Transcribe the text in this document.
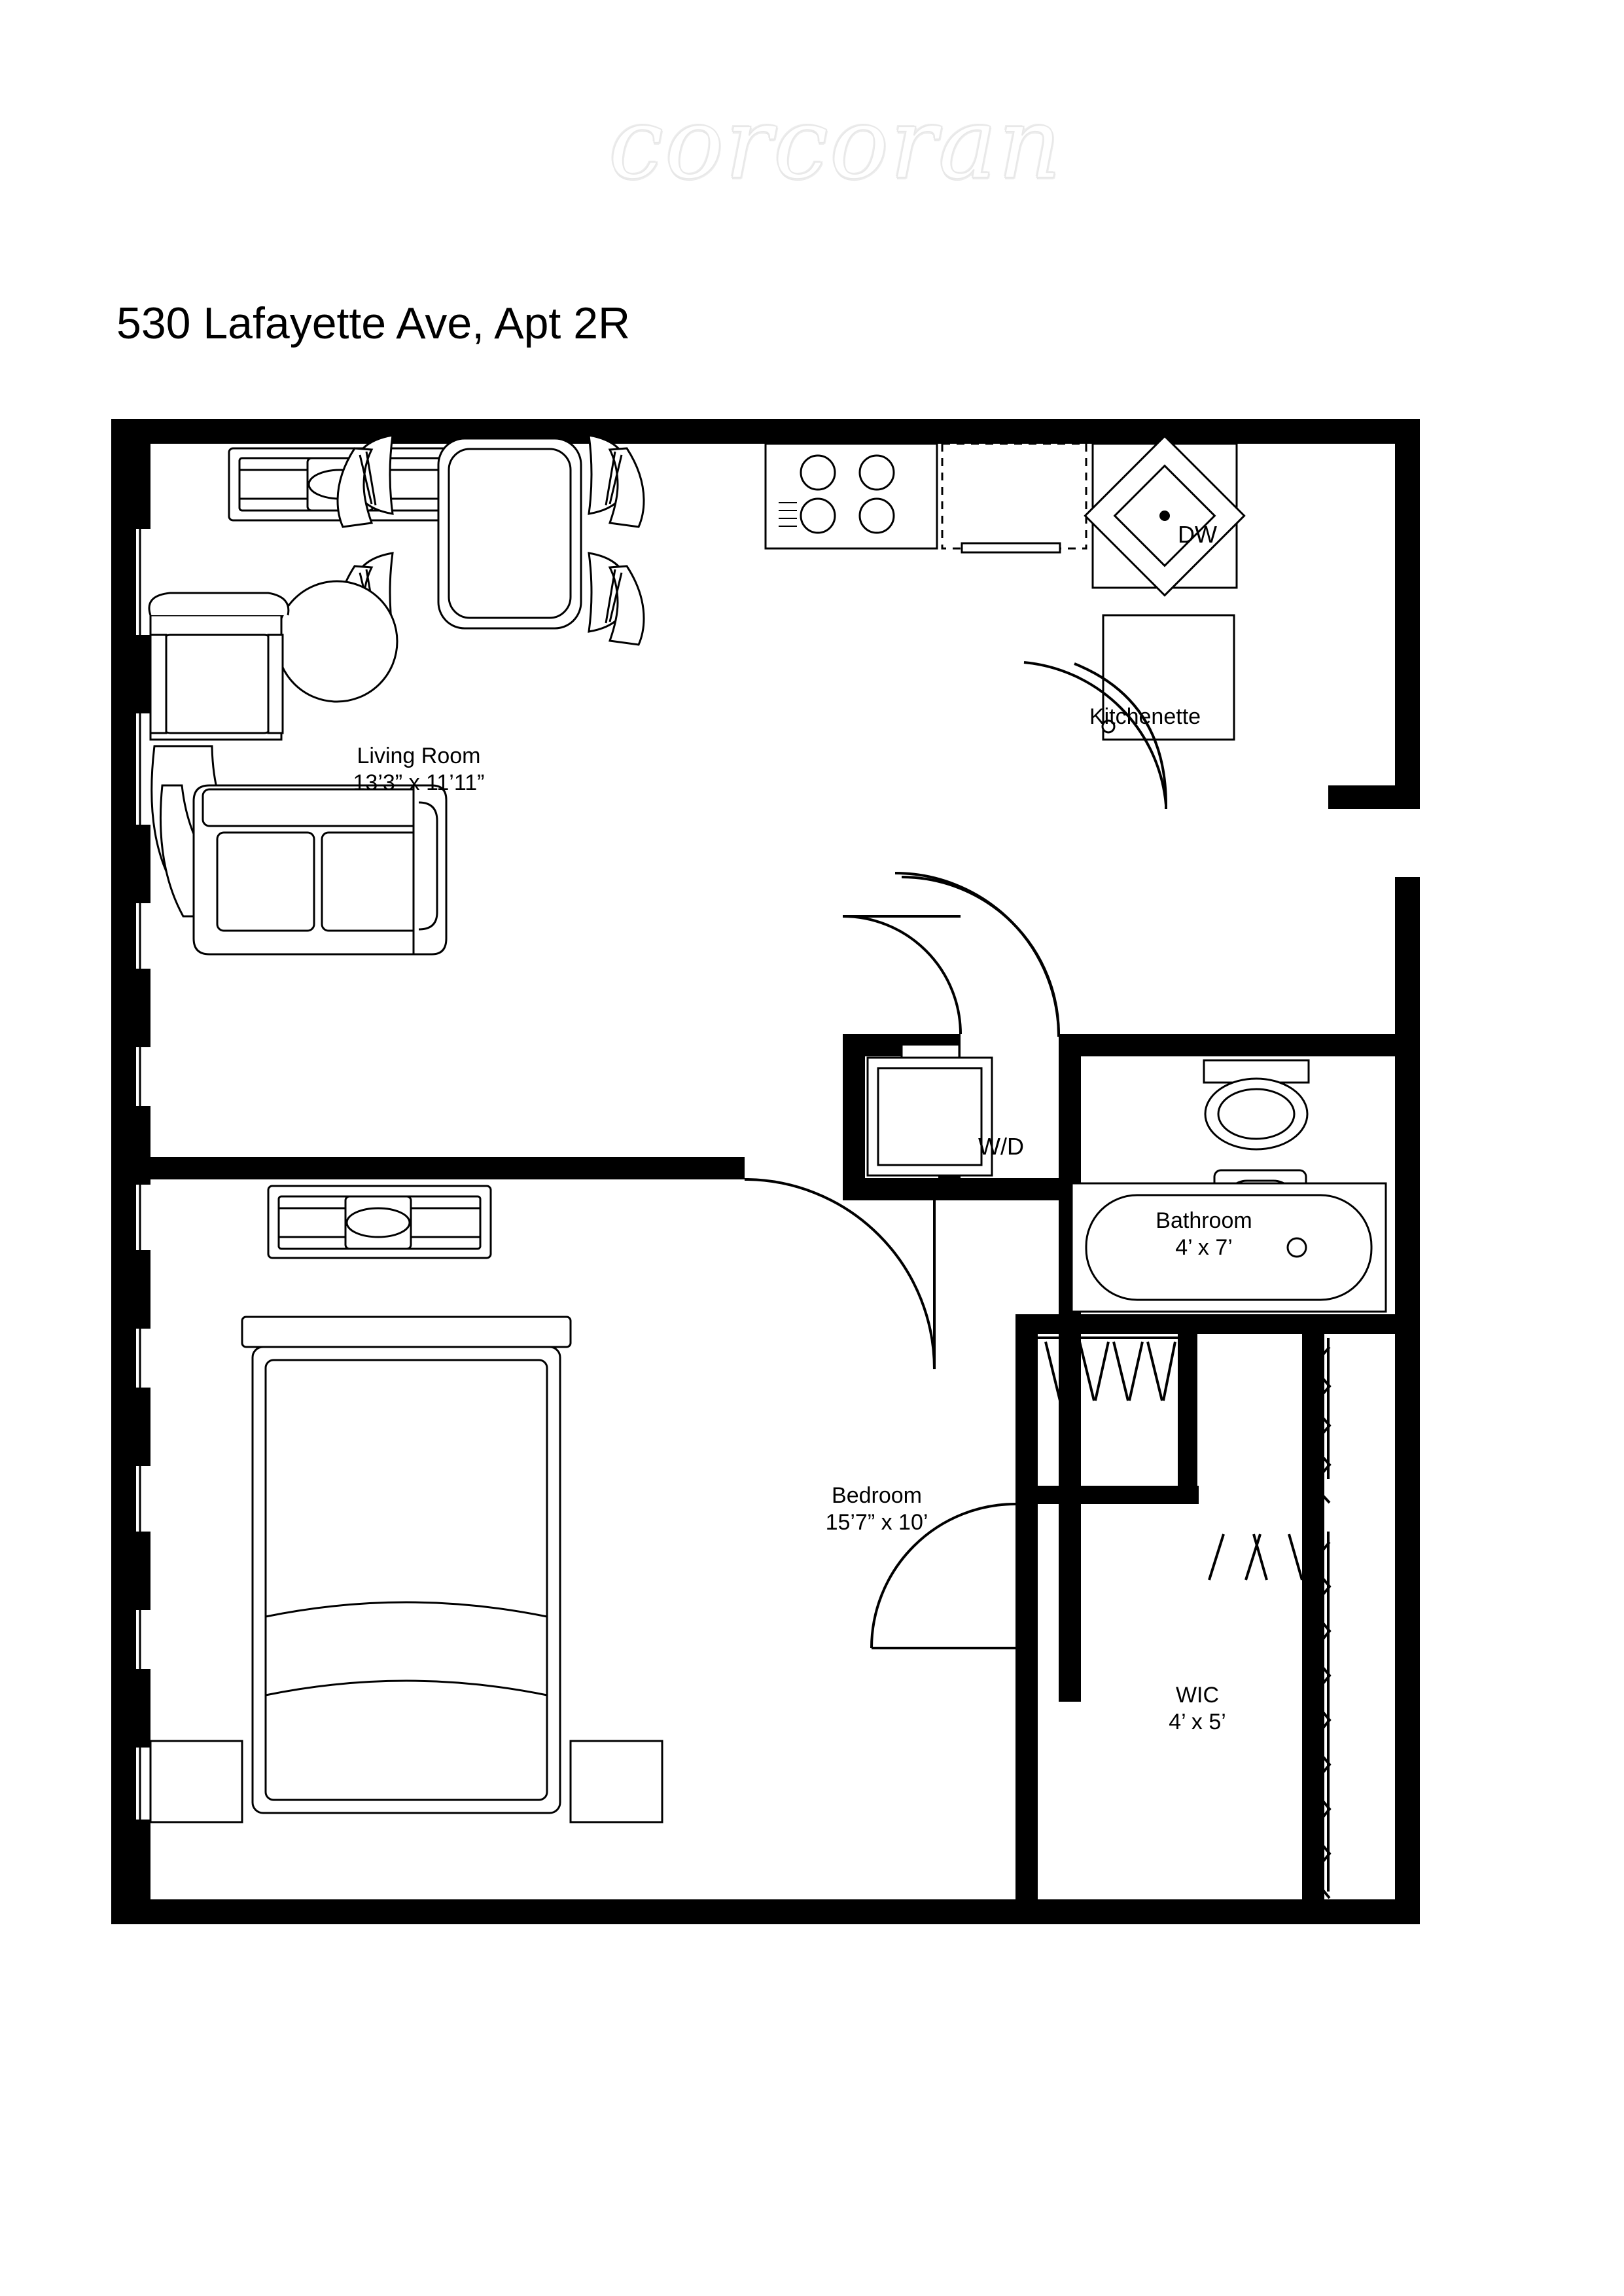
corcoran
530 Lafayette Ave, Apt 2R
Living Room
13’3” x 11’11”
Kitchenette
Bathroom
4’ x 7’
Bedroom
15’7” x 10’
WIC
4’ x 5’
DW
W/D
